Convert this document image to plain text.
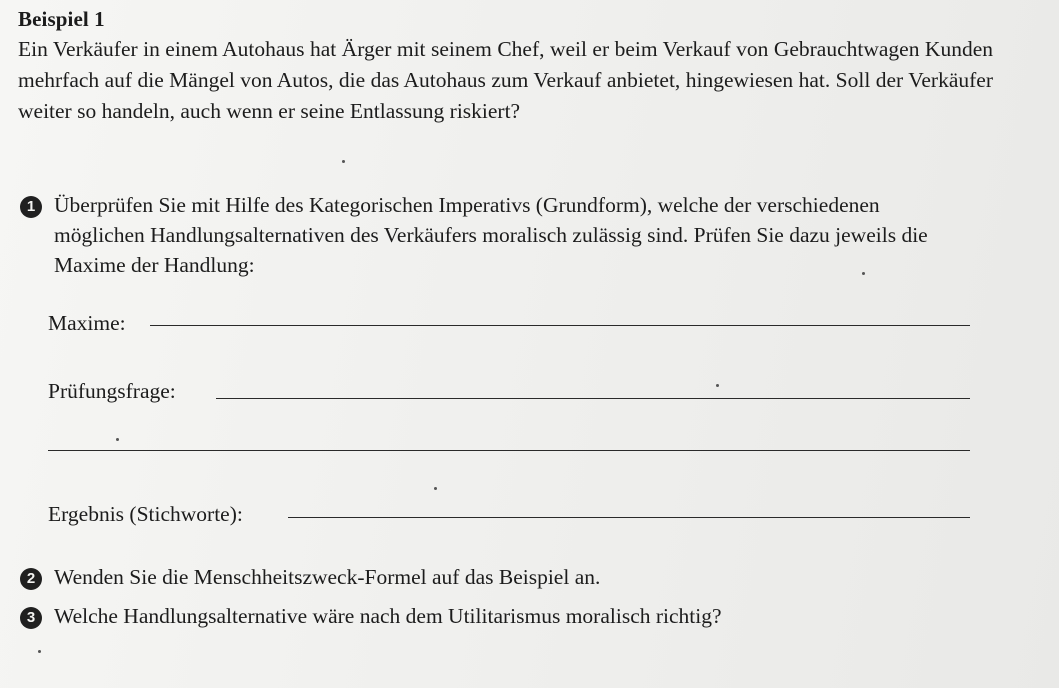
Beispiel 1
Ein Verkäufer in einem Autohaus hat Ärger mit seinem Chef, weil er beim Verkauf von Gebrauchtwagen Kunden mehrfach auf die Mängel von Autos, die das Autohaus zum Verkauf anbietet, hingewiesen hat. Soll der Verkäufer weiter so handeln, auch wenn er seine Entlassung riskiert?
1 Überprüfen Sie mit Hilfe des Kategorischen Imperativs (Grundform), welche der verschiedenen möglichen Handlungsalternativen des Verkäufers moralisch zulässig sind. Prüfen Sie dazu jeweils die Maxime der Handlung:
Maxime:
Prüfungsfrage:
Ergebnis (Stichworte):
2 Wenden Sie die Menschheitszweck-Formel auf das Beispiel an.
3 Welche Handlungsalternative wäre nach dem Utilitarismus moralisch richtig?
